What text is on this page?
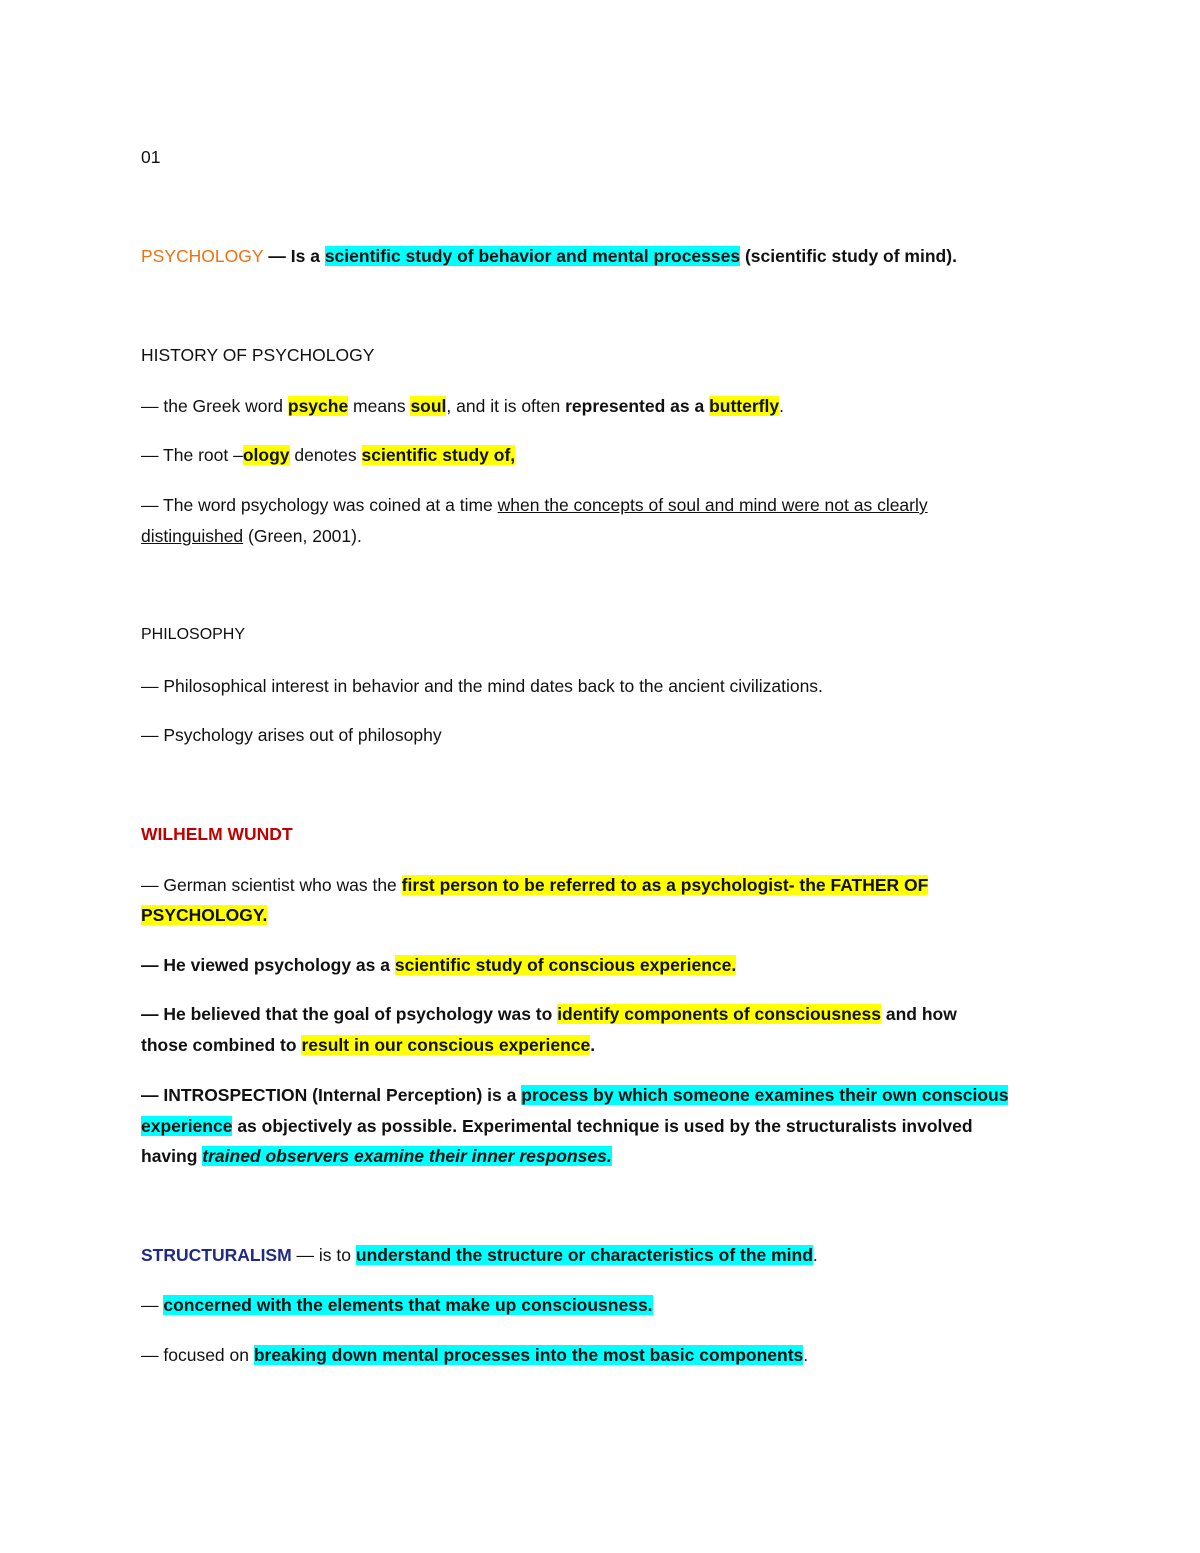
01

PSYCHOLOGY — Is a scientific study of behavior and mental processes (scientific study of mind).

HISTORY OF PSYCHOLOGY

— the Greek word psyche means soul, and it is often represented as a butterfly.

— The root –ology denotes scientific study of,

— The word psychology was coined at a time when the concepts of soul and mind were not as clearly

distinguished (Green, 2001).

PHILOSOPHY

— Philosophical interest in behavior and the mind dates back to the ancient civilizations.

— Psychology arises out of philosophy

WILHELM WUNDT

— German scientist who was the first person to be referred to as a psychologist- the FATHER OF

PSYCHOLOGY.

— He viewed psychology as a scientific study of conscious experience.

— He believed that the goal of psychology was to identify components of consciousness and how

those combined to result in our conscious experience.

— INTROSPECTION (Internal Perception) is a process by which someone examines their own conscious

experience as objectively as possible. Experimental technique is used by the structuralists involved

having trained observers examine their inner responses.

STRUCTURALISM — is to understand the structure or characteristics of the mind.

— concerned with the elements that make up consciousness.

— focused on breaking down mental processes into the most basic components.
